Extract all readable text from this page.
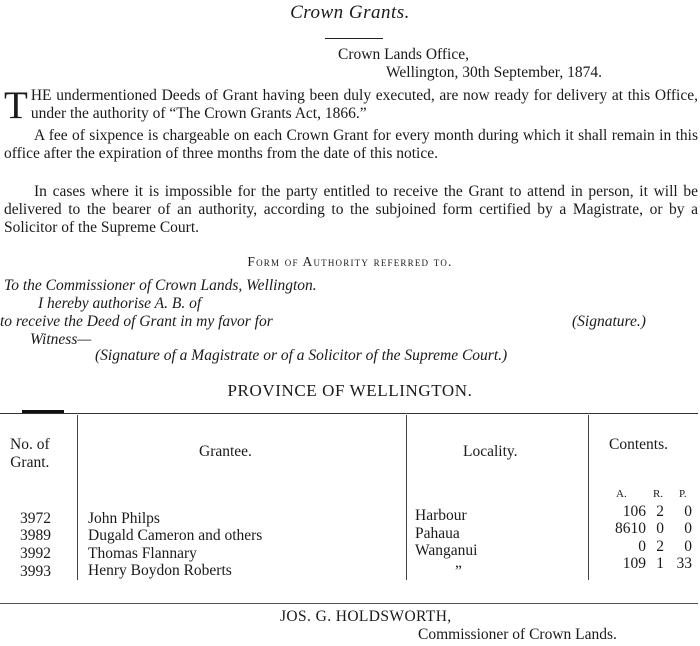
Crown Grants.
Crown Lands Office,
Wellington, 30th September, 1874.
T HE undermentioned Deeds of Grant having been duly executed, are now ready for delivery at this Office, under the authority of “The Crown Grants Act, 1866.”
A fee of sixpence is chargeable on each Crown Grant for every month during which it shall remain in this office after the expiration of three months from the date of this notice.
In cases where it is impossible for the party entitled to receive the Grant to attend in person, it will be delivered to the bearer of an authority, according to the subjoined form certified by a Magistrate, or by a Solicitor of the Supreme Court.
Form of Authority referred to.
To the Commissioner of Crown Lands, Wellington.
I hereby authorise A. B. of
to receive the Deed of Grant in my favor for	(Signature.)
Witness—
(Signature of a Magistrate or of a Solicitor of the Supreme Court.)
PROVINCE OF WELLINGTON.
No. of
Grant.
Grantee.	Locality.	Contents.
A. R. P.
3972 John Philps	Harbour	106 2	0
3989 Dugald Cameron and others	Pahaua	8610 0	0
3992 Thomas Flannary	Wanganui	0 2	0
3993 Henry Boydon Roberts	”	109 1 33
JOS. G. HOLDSWORTH,
Commissioner of Crown Lands.
